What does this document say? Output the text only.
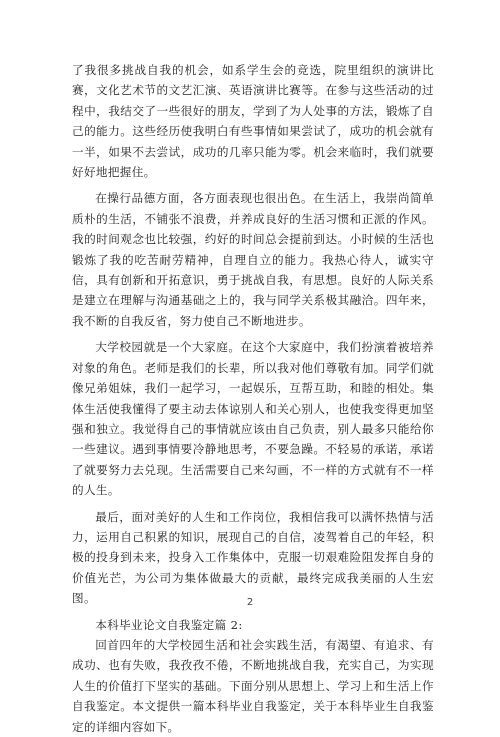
了我很多挑战自我的机会，如系学生会的竞选，院里组织的演讲比赛，文化艺术节的文艺汇演、英语演讲比赛等。在参与这些活动的过程中，我结交了一些很好的朋友，学到了为人处事的方法，锻炼了自己的能力。这些经历使我明白有些事情如果尝试了，成功的机会就有一半，如果不去尝试，成功的几率只能为零。机会来临时，我们就要好好地把握住。

在操行品德方面，各方面表现也很出色。在生活上，我崇尚简单质朴的生活，不铺张不浪费，并养成良好的生活习惯和正派的作风。我的时间观念也比较强，约好的时间总会提前到达。小时候的生活也锻炼了我的吃苦耐劳精神，自理自立的能力。我热心待人，诚实守信，具有创新和开拓意识，勇于挑战自我，有思想。良好的人际关系是建立在理解与沟通基础之上的，我与同学关系极其融洽。四年来，我不断的自我反省，努力使自己不断地进步。

大学校园就是一个大家庭。在这个大家庭中，我们扮演着被培养对象的角色。老师是我们的长辈，所以我对他们尊敬有加。同学们就像兄弟姐妹，我们一起学习，一起娱乐，互帮互助，和睦的相处。集体生活使我懂得了要主动去体谅别人和关心别人，也使我变得更加坚强和独立。我觉得自己的事情就应该由自己负责，别人最多只能给你一些建议。遇到事情要冷静地思考，不要急躁。不轻易的承诺，承诺了就要努力去兑现。生活需要自己来勾画，不一样的方式就有不一样的人生。

最后，面对美好的人生和工作岗位，我相信我可以满怀热情与活力，运用自己积累的知识，展现自己的自信，凌驾着自己的年轻，积极的投身到未来，投身入工作集体中，克服一切艰难险阻发挥自身的价值光芒，为公司为集体做最大的贡献，最终完成我美丽的人生宏图。

本科毕业论文自我鉴定篇 2:

回首四年的大学校园生活和社会实践生活，有渴望、有追求、有成功、也有失败，我孜孜不倦，不断地挑战自我，充实自己，为实现人生的价值打下坚实的基础。下面分别从思想上、学习上和生活上作自我鉴定。本文提供一篇本科毕业自我鉴定，关于本科毕业生自我鉴定的详细内容如下。

2
